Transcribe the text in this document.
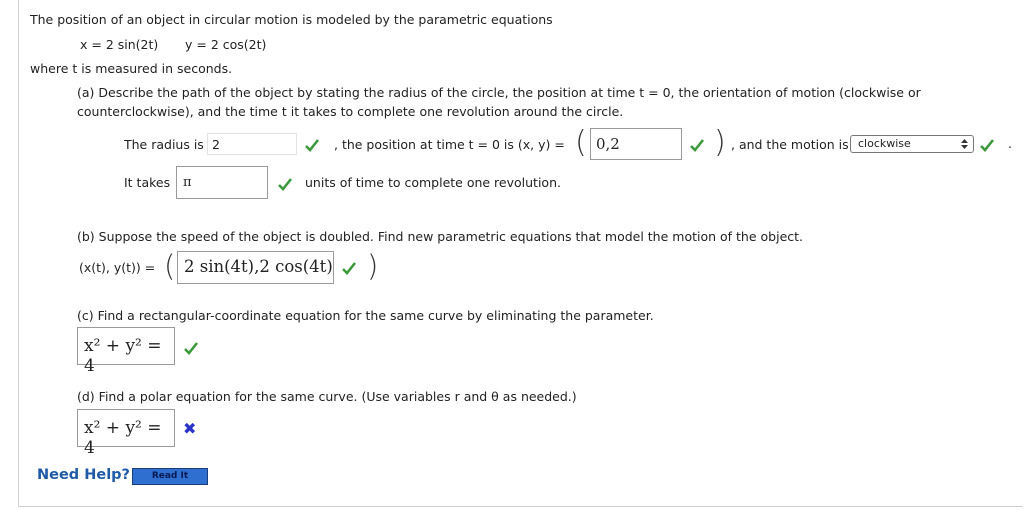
The position of an object in circular motion is modeled by the parametric equations
x = 2 sin(2t) y = 2 cos(2t)
where t is measured in seconds.
(a) Describe the path of the object by stating the radius of the circle, the position at time t = 0, the orientation of motion (clockwise or
counterclockwise), and the time t it takes to complete one revolution around the circle.
The radius is 2	, the position at time t = 0 is (x, y) = ( 0,2	) , and the motion is clockwise	.
It takes π	units of time to complete one revolution.
(b) Suppose the speed of the object is doubled. Find new parametric equations that model the motion of the object.
(x(t), y(t)) = ( 2 sin(4t),2 cos(4t) )
(c) Find a rectangular-coordinate equation for the same curve by eliminating the parameter.
x² + y² = 4
(d) Find a polar equation for the same curve. (Use variables r and θ as needed.)
x² + y² = 4
✖
Need Help?	Read It
